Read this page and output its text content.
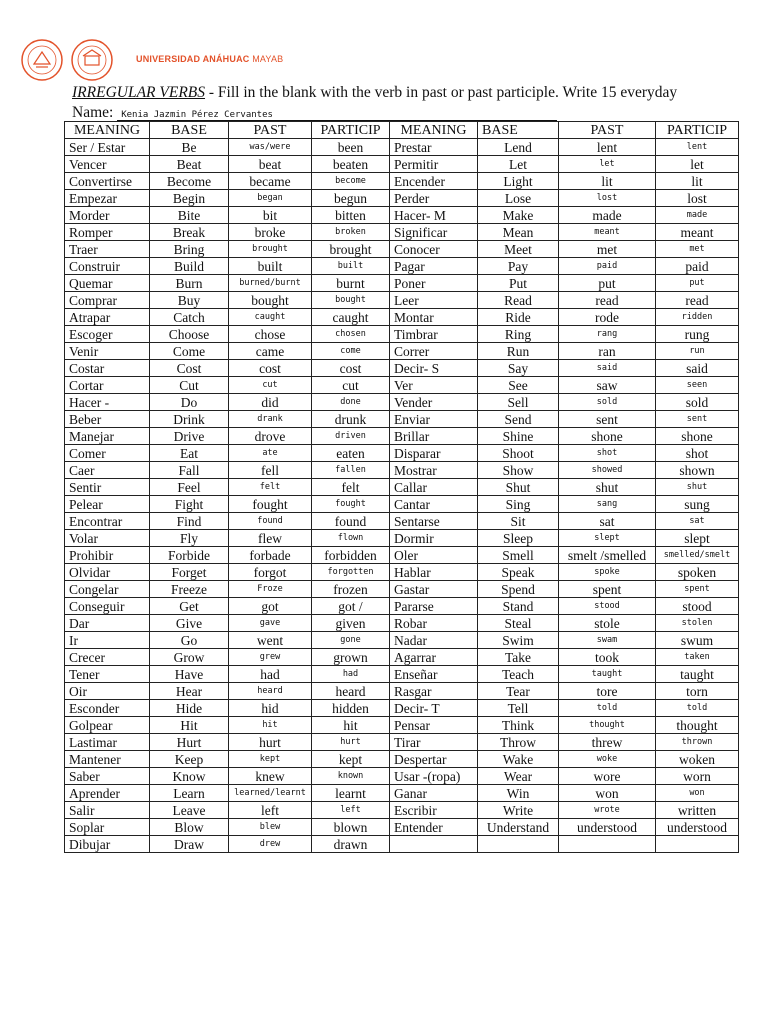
UNIVERSIDAD ANÁHUAC MAYAB
IRREGULAR VERBS - Fill in the blank with the verb in past or past participle. Write 15 everyday
Name: Kenia Jazmin Pérez Cervantes
MEANING	BASE	PAST	PARTICIP	MEANING	BASE	PAST	PARTICIP
Ser / Estar	Be	was/were	been	Prestar	Lend	lent	lent
Vencer	Beat	beat	beaten	Permitir	Let	let	let
Convertirse	Become	became	become	Encender	Light	lit	lit
Empezar	Begin	began	begun	Perder	Lose	lost	lost
Morder	Bite	bit	bitten	Hacer- M	Make	made	made
Romper	Break	broke	broken	Significar	Mean	meant	meant
Traer	Bring	brought	brought	Conocer	Meet	met	met
Construir	Build	built	built	Pagar	Pay	paid	paid
Quemar	Burn	burned/burnt	burnt	Poner	Put	put	put
Comprar	Buy	bought	bought	Leer	Read	read	read
Atrapar	Catch	caught	caught	Montar	Ride	rode	ridden
Escoger	Choose	chose	chosen	Timbrar	Ring	rang	rung
Venir	Come	came	come	Correr	Run	ran	run
Costar	Cost	cost	cost	Decir- S	Say	said	said
Cortar	Cut	cut	cut	Ver	See	saw	seen
Hacer -	Do	did	done	Vender	Sell	sold	sold
Beber	Drink	drank	drunk	Enviar	Send	sent	sent
Manejar	Drive	drove	driven	Brillar	Shine	shone	shone
Comer	Eat	ate	eaten	Disparar	Shoot	shot	shot
Caer	Fall	fell	fallen	Mostrar	Show	showed	shown
Sentir	Feel	felt	felt	Callar	Shut	shut	shut
Pelear	Fight	fought	fought	Cantar	Sing	sang	sung
Encontrar	Find	found	found	Sentarse	Sit	sat	sat
Volar	Fly	flew	flown	Dormir	Sleep	slept	slept
Prohibir	Forbide	forbade	forbidden	Oler	Smell	smelt /smelled	smelled/smelt
Olvidar	Forget	forgot	forgotten	Hablar	Speak	spoke	spoken
Congelar	Freeze	Froze	frozen	Gastar	Spend	spent	spent
Conseguir	Get	got	got /	Pararse	Stand	stood	stood
Dar	Give	gave	given	Robar	Steal	stole	stolen
Ir	Go	went	gone	Nadar	Swim	swam	swum
Crecer	Grow	grew	grown	Agarrar	Take	took	taken
Tener	Have	had	had	Enseñar	Teach	taught	taught
Oir	Hear	heard	heard	Rasgar	Tear	tore	torn
Esconder	Hide	hid	hidden	Decir- T	Tell	told	told
Golpear	Hit	hit	hit	Pensar	Think	thought	thought
Lastimar	Hurt	hurt	hurt	Tirar	Throw	threw	thrown
Mantener	Keep	kept	kept	Despertar	Wake	woke	woken
Saber	Know	knew	known	Usar -(ropa)	Wear	wore	worn
Aprender	Learn	learned/learnt	learnt	Ganar	Win	won	won
Salir	Leave	left	left	Escribir	Write	wrote	written
Soplar	Blow	blew	blown	Entender	Understand	understood	understood
Dibujar	Draw	drew	drawn				
